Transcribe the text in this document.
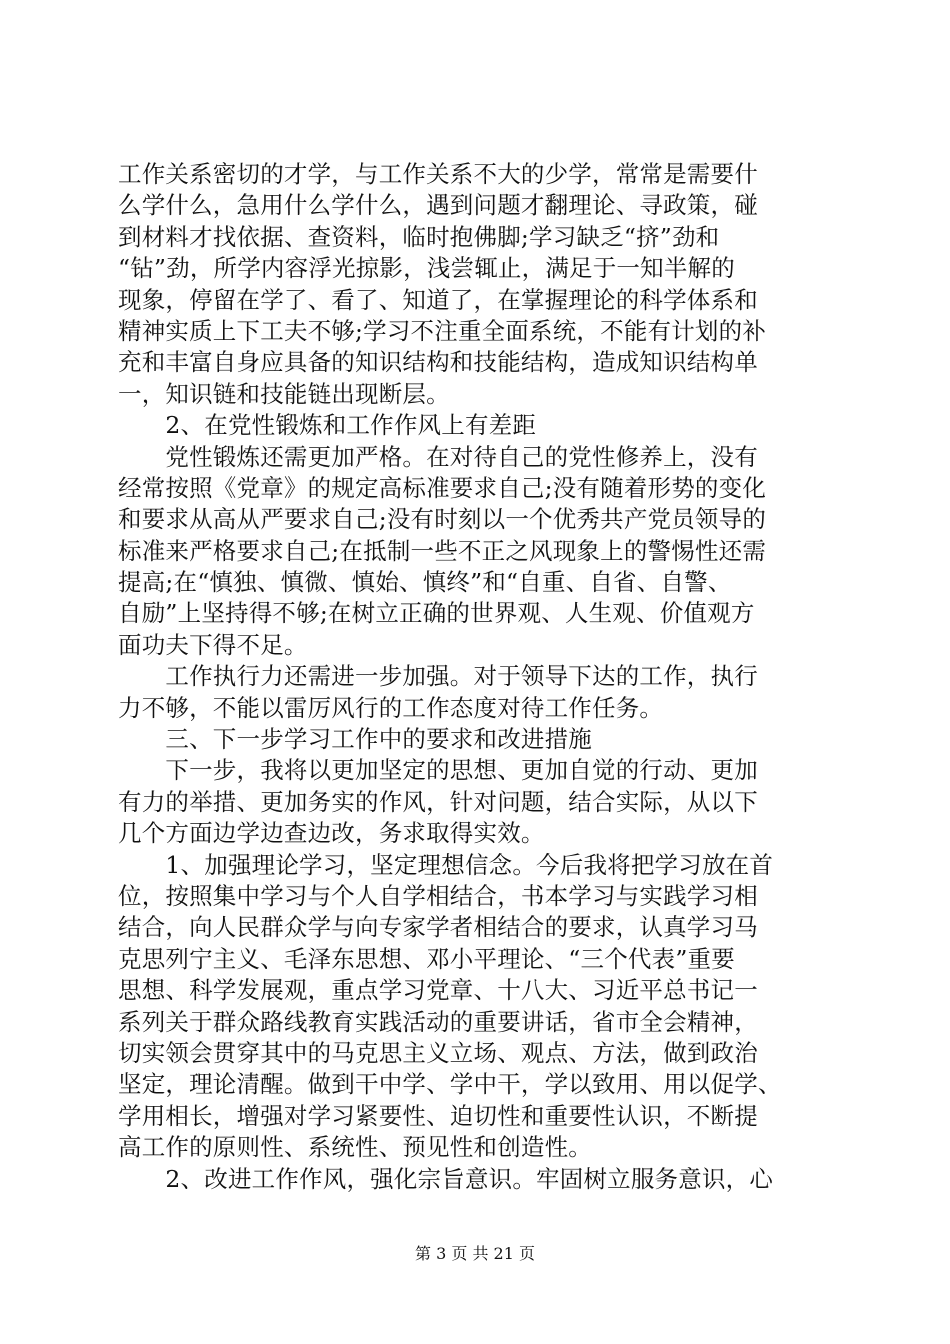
工作关系密切的才学，与工作关系不大的少学，常常是需要什
么学什么，急用什么学什么，遇到问题才翻理论、寻政策，碰
到材料才找依据、查资料，临时抱佛脚;学习缺乏“挤”劲和
“钻”劲，所学内容浮光掠影，浅尝辄止，满足于一知半解的
现象，停留在学了、看了、知道了，在掌握理论的科学体系和
精神实质上下工夫不够;学习不注重全面系统，不能有计划的补
充和丰富自身应具备的知识结构和技能结构，造成知识结构单
一，知识链和技能链出现断层。
　　2、在党性锻炼和工作作风上有差距
　　党性锻炼还需更加严格。在对待自己的党性修养上，没有
经常按照《党章》的规定高标准要求自己;没有随着形势的变化
和要求从高从严要求自己;没有时刻以一个优秀共产党员领导的
标准来严格要求自己;在抵制一些不正之风现象上的警惕性还需
提高;在“慎独、慎微、慎始、慎终”和“自重、自省、自警、
自励”上坚持得不够;在树立正确的世界观、人生观、价值观方
面功夫下得不足。
　　工作执行力还需进一步加强。对于领导下达的工作，执行
力不够，不能以雷厉风行的工作态度对待工作任务。
　　三、下一步学习工作中的要求和改进措施
　　下一步，我将以更加坚定的思想、更加自觉的行动、更加
有力的举措、更加务实的作风，针对问题，结合实际，从以下
几个方面边学边查边改，务求取得实效。
　　1、加强理论学习，坚定理想信念。今后我将把学习放在首
位，按照集中学习与个人自学相结合，书本学习与实践学习相
结合，向人民群众学与向专家学者相结合的要求，认真学习马
克思列宁主义、毛泽东思想、邓小平理论、“三个代表”重要
思想、科学发展观，重点学习党章、十八大、习近平总书记一
系列关于群众路线教育实践活动的重要讲话，省市全会精神，
切实领会贯穿其中的马克思主义立场、观点、方法，做到政治
坚定，理论清醒。做到干中学、学中干，学以致用、用以促学、
学用相长，增强对学习紧要性、迫切性和重要性认识，不断提
高工作的原则性、系统性、预见性和创造性。
　　2、改进工作作风，强化宗旨意识。牢固树立服务意识，心
第 3 页 共 21 页
